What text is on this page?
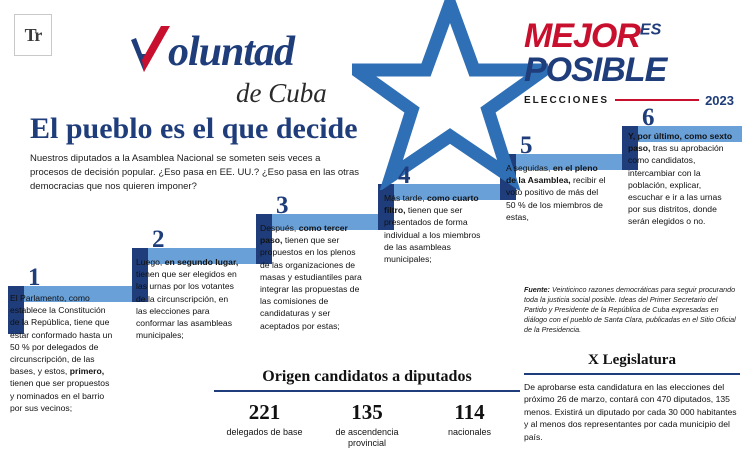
Tr	oluntad
de Cuba
El pueblo es el que decide
Nuestros diputados a la Asamblea Nacional se someten seis veces a procesos de decisión popular. ¿Eso pasa en EE. UU.? ¿Eso pasa en las otras democracias que nos quieren imponer?
$MEJOR^{ES}$
POSIBLE
ELECCIONES	2023
1
2
3
4
5
6
El Parlamento, como establece la Constitución de la República, tiene que estar conformado hasta un 50 % por delegados de circunscripción, de las bases, y estos, primero, tienen que ser propuestos y nominados en el barrio por sus vecinos;
Luego, en segundo lugar, tienen que ser elegidos en las urnas por los votantes de la circunscripción, en las elecciones para conformar las asambleas municipales;
Después, como tercer paso, tienen que ser propuestos en los plenos de las organizaciones de masas y estudiantiles para integrar las propuestas de las comisiones de candidaturas y ser aceptados por estas;
Más tarde, como cuarto filtro, tienen que ser presentados de forma individual a los miembros de las asambleas municipales;
A seguidas, en el pleno de la Asamblea, recibir el voto positivo de más del 50 % de los miembros de estas,
Y, por último, como sexto paso, tras su aprobación como candidatos, intercambiar con la población, explicar, escuchar e ir a las urnas por sus distritos, donde serán elegidos o no.
Fuente: Veinticinco razones democráticas para seguir procurando toda la justicia social posible. Ideas del Primer Secretario del Partido y Presidente de la República de Cuba expresadas en diálogo con el pueblo de Santa Clara, publicadas en el Sitio Oficial de la Presidencia.
Origen candidatos a diputados
221
delegados de base
135
de ascendencia provincial
114
nacionales
X Legislatura

De aprobarse esta candidatura en las elecciones del próximo 26 de marzo, contará con 470 diputados, 135 menos. Existirá un diputado por cada 30 000 habitantes y al menos dos representantes por cada municipio del país.
